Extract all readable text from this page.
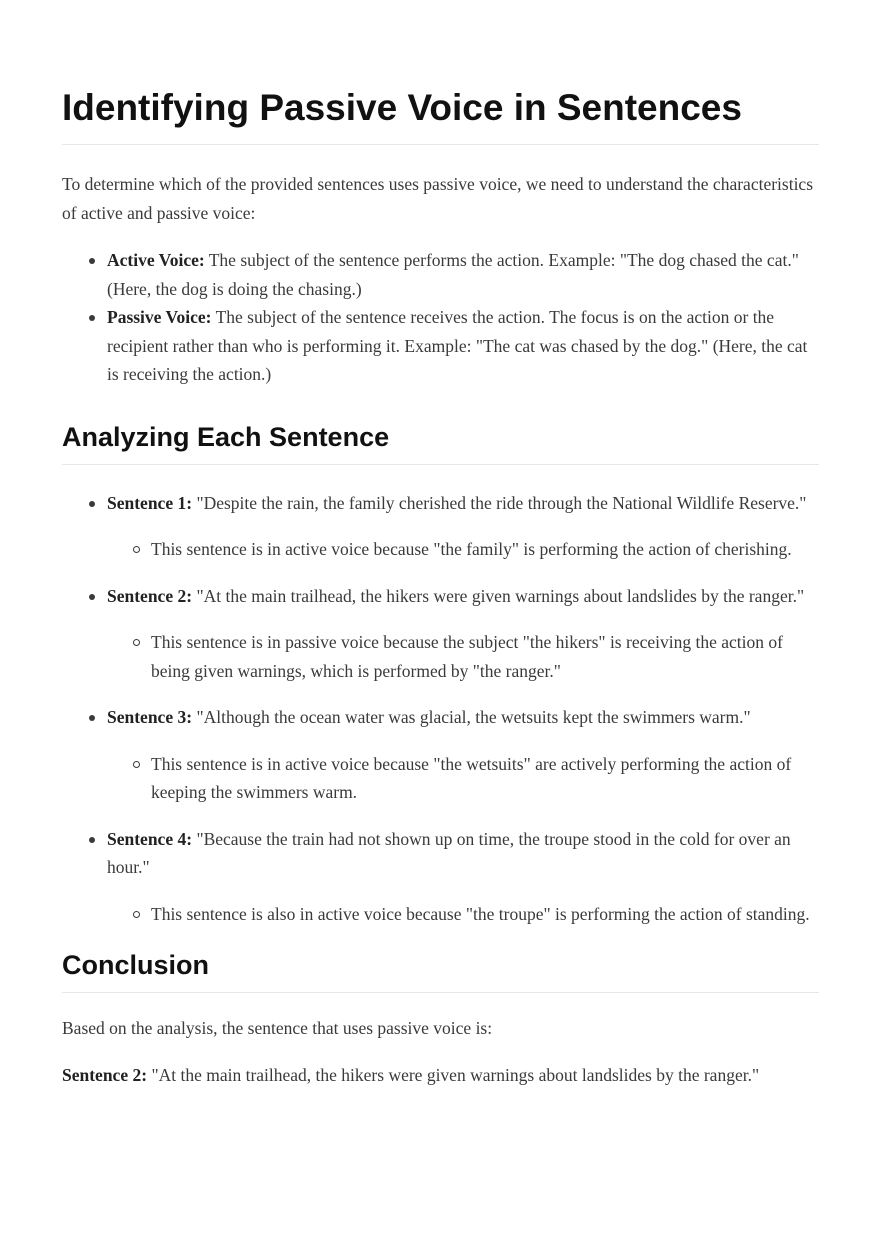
Identifying Passive Voice in Sentences

To determine which of the provided sentences uses passive voice, we need to understand the characteristics of active and passive voice:

Active Voice: The subject of the sentence performs the action. Example: "The dog chased the cat." (Here, the dog is doing the chasing.)
Passive Voice: The subject of the sentence receives the action. The focus is on the action or the recipient rather than who is performing it. Example: "The cat was chased by the dog." (Here, the cat is receiving the action.)
Analyzing Each Sentence
Sentence 1: "Despite the rain, the family cherished the ride through the National Wildlife Reserve."
This sentence is in active voice because "the family" is performing the action of cherishing.
Sentence 2: "At the main trailhead, the hikers were given warnings about landslides by the ranger."
This sentence is in passive voice because the subject "the hikers" is receiving the action of being given warnings, which is performed by "the ranger."
Sentence 3: "Although the ocean water was glacial, the wetsuits kept the swimmers warm."
This sentence is in active voice because "the wetsuits" are actively performing the action of keeping the swimmers warm.
Sentence 4: "Because the train had not shown up on time, the troupe stood in the cold for over an hour."
This sentence is also in active voice because "the troupe" is performing the action of standing.
Conclusion

Based on the analysis, the sentence that uses passive voice is:

Sentence 2: "At the main trailhead, the hikers were given warnings about landslides by the ranger."
